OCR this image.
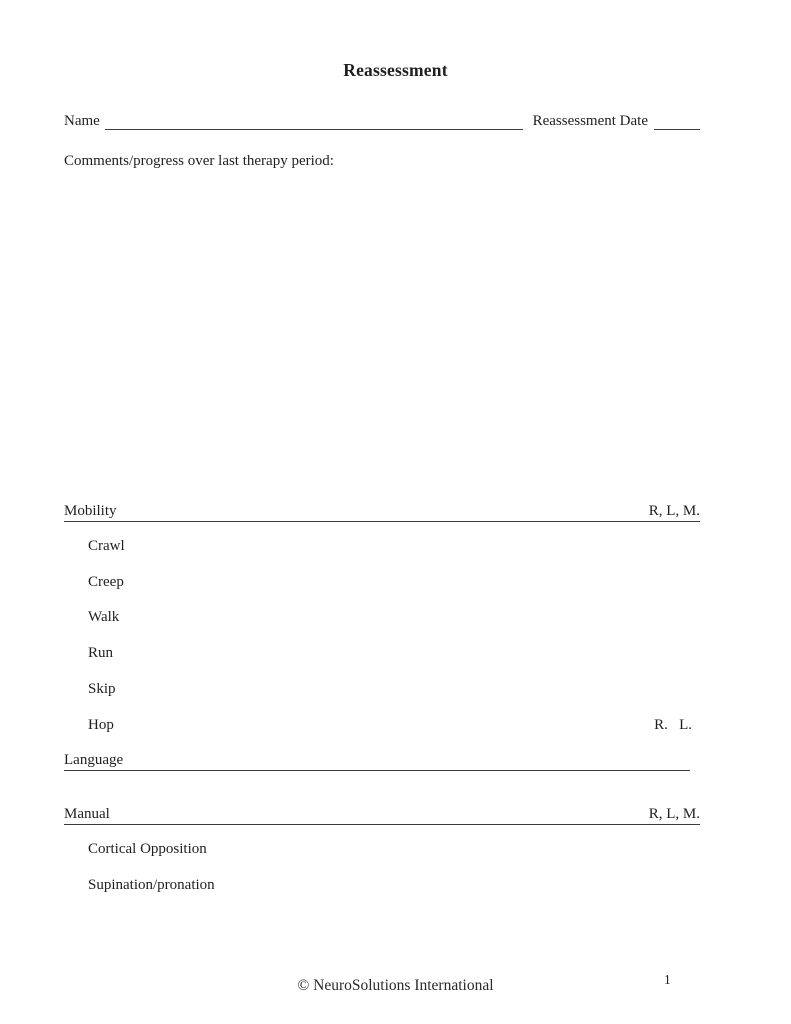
Reassessment
Name	Reassessment Date
Comments/progress over last therapy period:
Mobility	R, L, M.
Crawl
Creep
Walk
Run
Skip
Hop	R.   L.
Language
Manual	R, L, M.
Cortical Opposition
Supination/pronation
© NeuroSolutions International	1
